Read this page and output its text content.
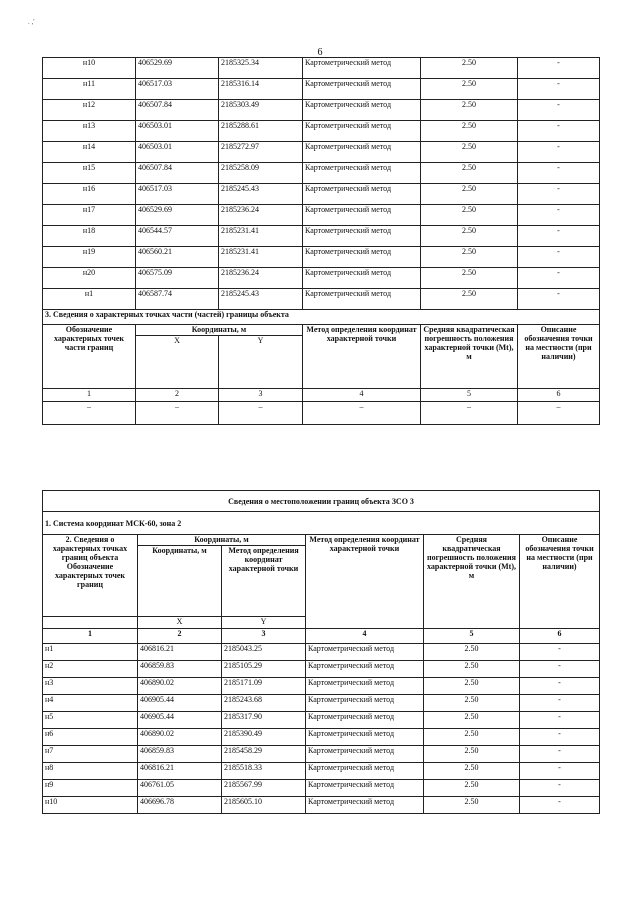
. ,'
6
н10	406529.69	2185325.34	Картометрический метод	2.50	-
н11	406517.03	2185316.14	Картометрический метод	2.50	-
н12	406507.84	2185303.49	Картометрический метод	2.50	-
н13	406503.01	2185288.61	Картометрический метод	2.50	-
н14	406503.01	2185272.97	Картометрический метод	2.50	-
н15	406507.84	2185258.09	Картометрический метод	2.50	-
н16	406517.03	2185245.43	Картометрический метод	2.50	-
н17	406529.69	2185236.24	Картометрический метод	2.50	-
н18	406544.57	2185231.41	Картометрический метод	2.50	-
н19	406560.21	2185231.41	Картометрический метод	2.50	-
н20	406575.09	2185236.24	Картометрический метод	2.50	-
н1	406587.74	2185245.43	Картометрический метод	2.50	-
3. Сведения о характерных точках части (частей) границы объекта					
Обозначение характерных точек части границ	Координаты, м		Метод определения координат характерной точки	Средняя квадратическая погрешность положения характерной точки (Mt), м	Описание обозначения точки на местности (при наличии)
	X	Y			
1	2	3	4	5	6
–	–	–	–	–	–
Сведения о местоположении границ объекта ЗСО 3					
1. Система координат МСК-60, зона 2					
2. Сведения о характерных точках границ объекта Обозначение характерных точек границ	Координаты, м		Метод определения координат характерной точки	Средняя квадратическая погрешность положения характерной точки (Mt), м	Описание обозначения точки на местности (при наличии)
	Координаты, м	Метод определения координат характерной точки			
	X	Y			
1	2	3	4	5	6
н1	406816.21	2185043.25	Картометрический метод	2.50	-
н2	406859.83	2185105.29	Картометрический метод	2.50	-
н3	406890.02	2185171.09	Картометрический метод	2.50	-
н4	406905.44	2185243.68	Картометрический метод	2.50	-
н5	406905.44	2185317.90	Картометрический метод	2.50	-
н6	406890.02	2185390.49	Картометрический метод	2.50	-
н7	406859.83	2185458.29	Картометрический метод	2.50	-
н8	406816.21	2185518.33	Картометрический метод	2.50	-
н9	406761.05	2185567.99	Картометрический метод	2.50	-
н10	406696.78	2185605.10	Картометрический метод	2.50	-
